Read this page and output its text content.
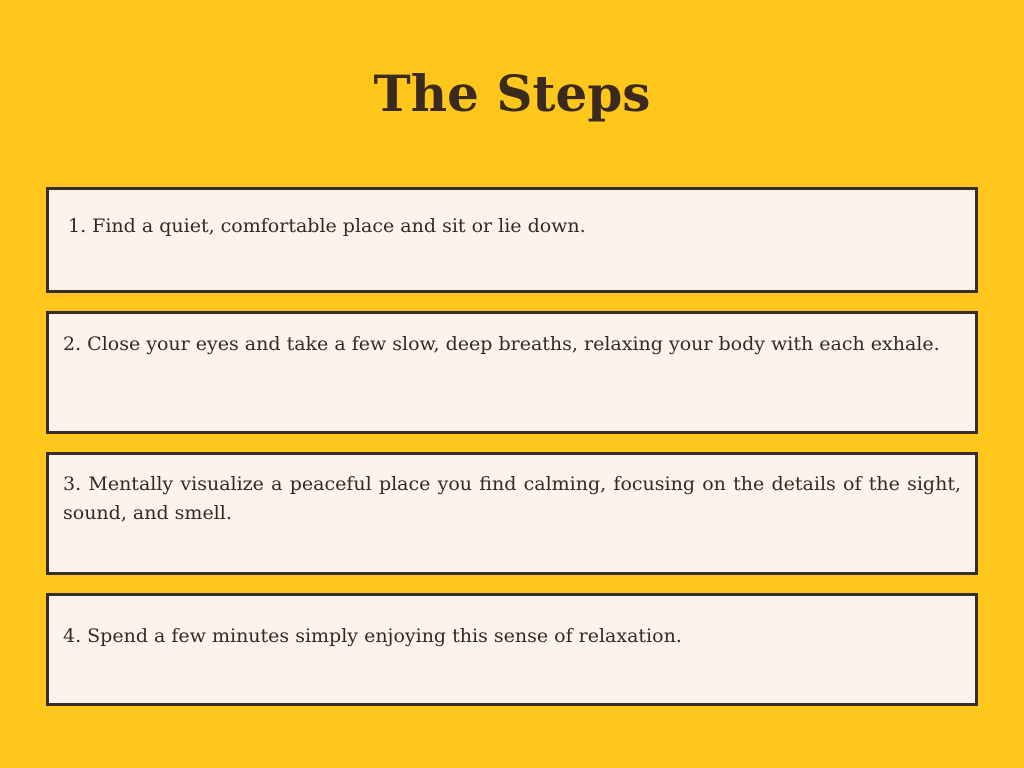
The Steps

1. Find a quiet, comfortable place and sit or lie down.

2. Close your eyes and take a few slow, deep breaths, relaxing your body with each exhale.

3. Mentally visualize a peaceful place you find calming, focusing on the details of the sight, sound, and smell.

4. Spend a few minutes simply enjoying this sense of relaxation.
